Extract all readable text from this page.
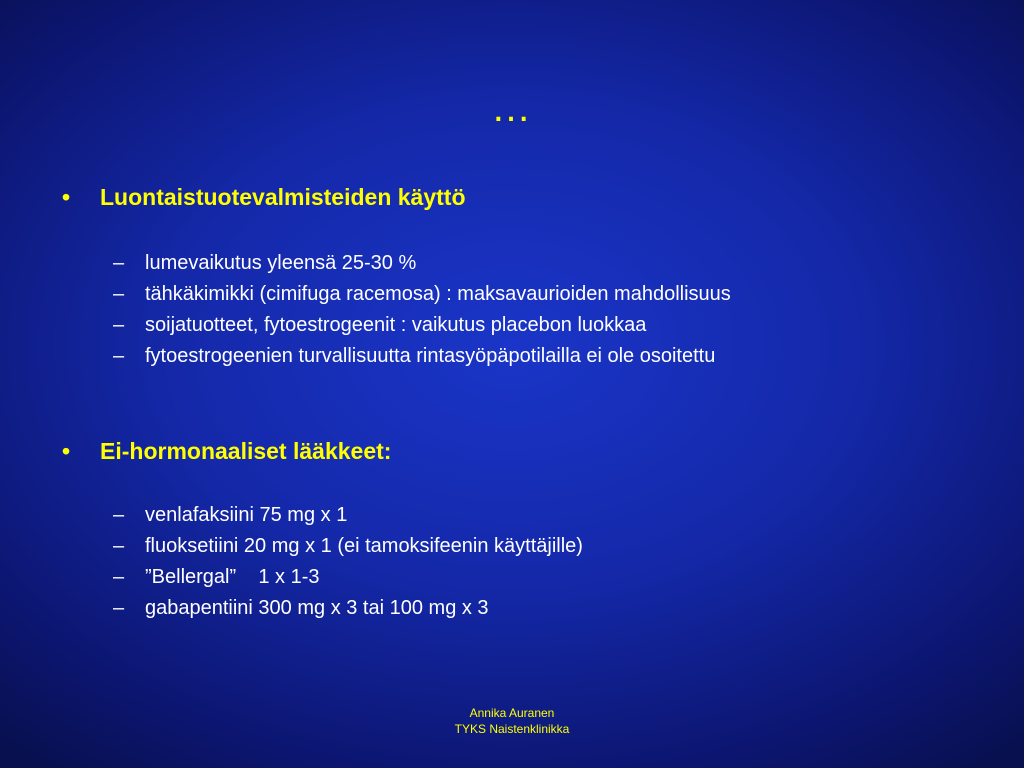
…
•	Luontaistuotevalmisteiden käyttö
–	lumevaikutus yleensä 25-30 %
–	tähkäkimikki (cimifuga racemosa) : maksavaurioiden mahdollisuus
–	soijatuotteet, fytoestrogeenit : vaikutus placebon luokkaa
–	fytoestrogeenien turvallisuutta rintasyöpäpotilailla ei ole osoitettu
•	Ei-hormonaaliset lääkkeet:
–	venlafaksiini 75 mg x 1
–	fluoksetiini 20 mg x 1 (ei tamoksifeenin käyttäjille)
–	”Bellergal”    1 x 1-3
–	gabapentiini 300 mg x 3 tai 100 mg x 3
Annika Auranen
TYKS Naistenklinikka
